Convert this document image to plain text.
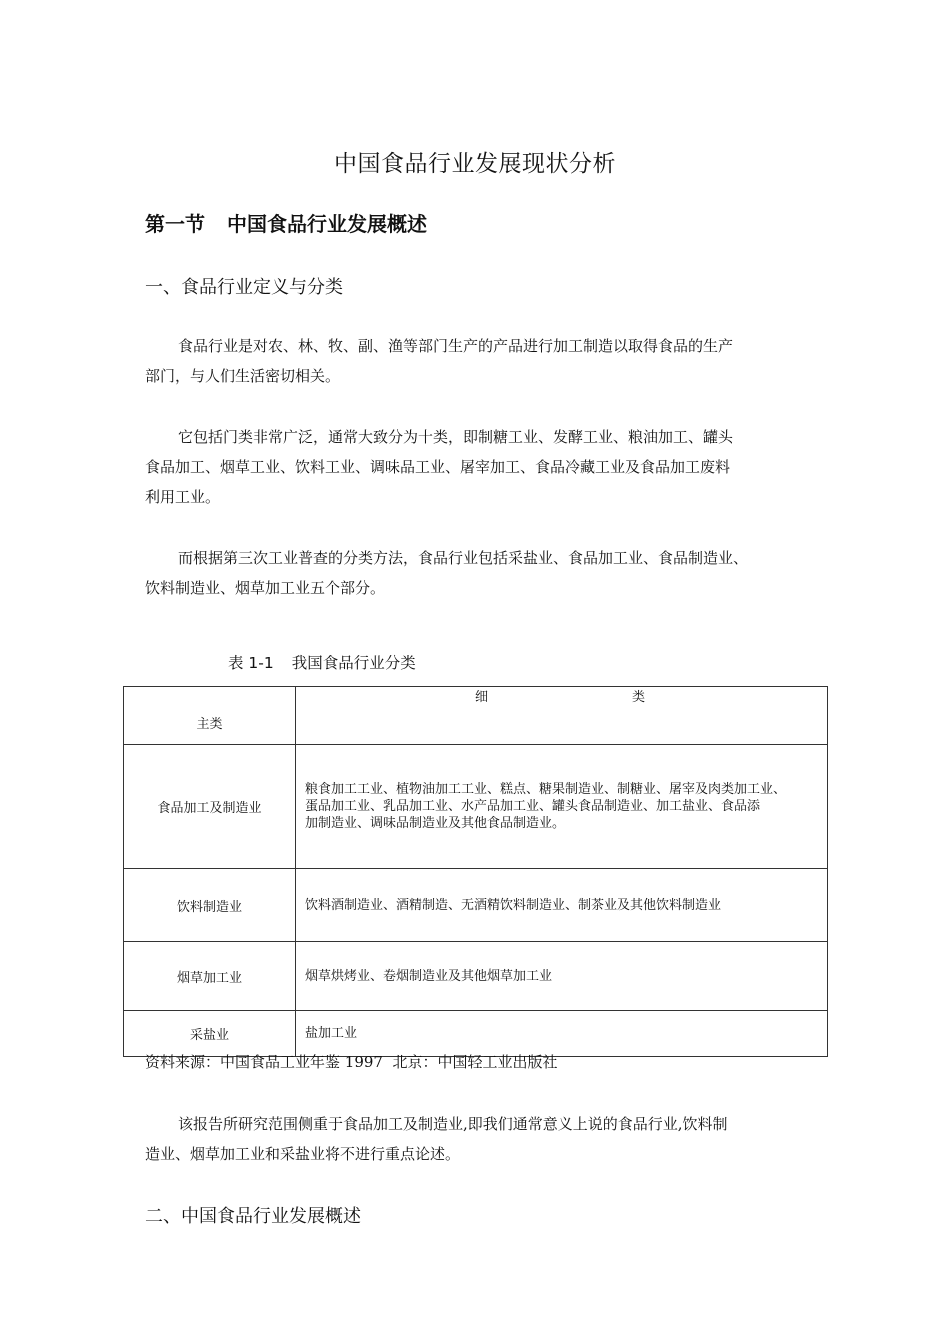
中国食品行业发展现状分析
第一节 中国食品行业发展概述
一、食品行业定义与分类

食品行业是对农、林、牧、副、渔等部门生产的产品进行加工制造以取得食品的生产
部门，与人们生活密切相关。

它包括门类非常广泛，通常大致分为十类，即制糖工业、发酵工业、粮油加工、罐头
食品加工、烟草工业、饮料工业、调味品工业、屠宰加工、食品冷藏工业及食品加工废料
利用工业。

而根据第三次工业普查的分类方法，食品行业包括采盐业、食品加工业、食品制造业、
饮料制造业、烟草加工业五个部分。

表 1-1 我国食品行业分类
主类	细 类

食品加工及制造业	粮食加工工业、植物油加工工业、糕点、糖果制造业、制糖业、屠宰及肉类加工业、
蛋品加工业、乳品加工业、水产品加工业、罐头食品制造业、加工盐业、食品添
加制造业、调味品制造业及其他食品制造业。

饮料制造业	饮料酒制造业、酒精制造、无酒精饮料制造业、制茶业及其他饮料制造业
烟草加工业	烟草烘烤业、卷烟制造业及其他烟草加工业
采盐业	盐加工业
资料来源：中国食品工业年鉴 1997  北京：中国轻工业出版社

该报告所研究范围侧重于食品加工及制造业,即我们通常意义上说的食品行业,饮料制
造业、烟草加工业和采盐业将不进行重点论述。

二、中国食品行业发展概述
